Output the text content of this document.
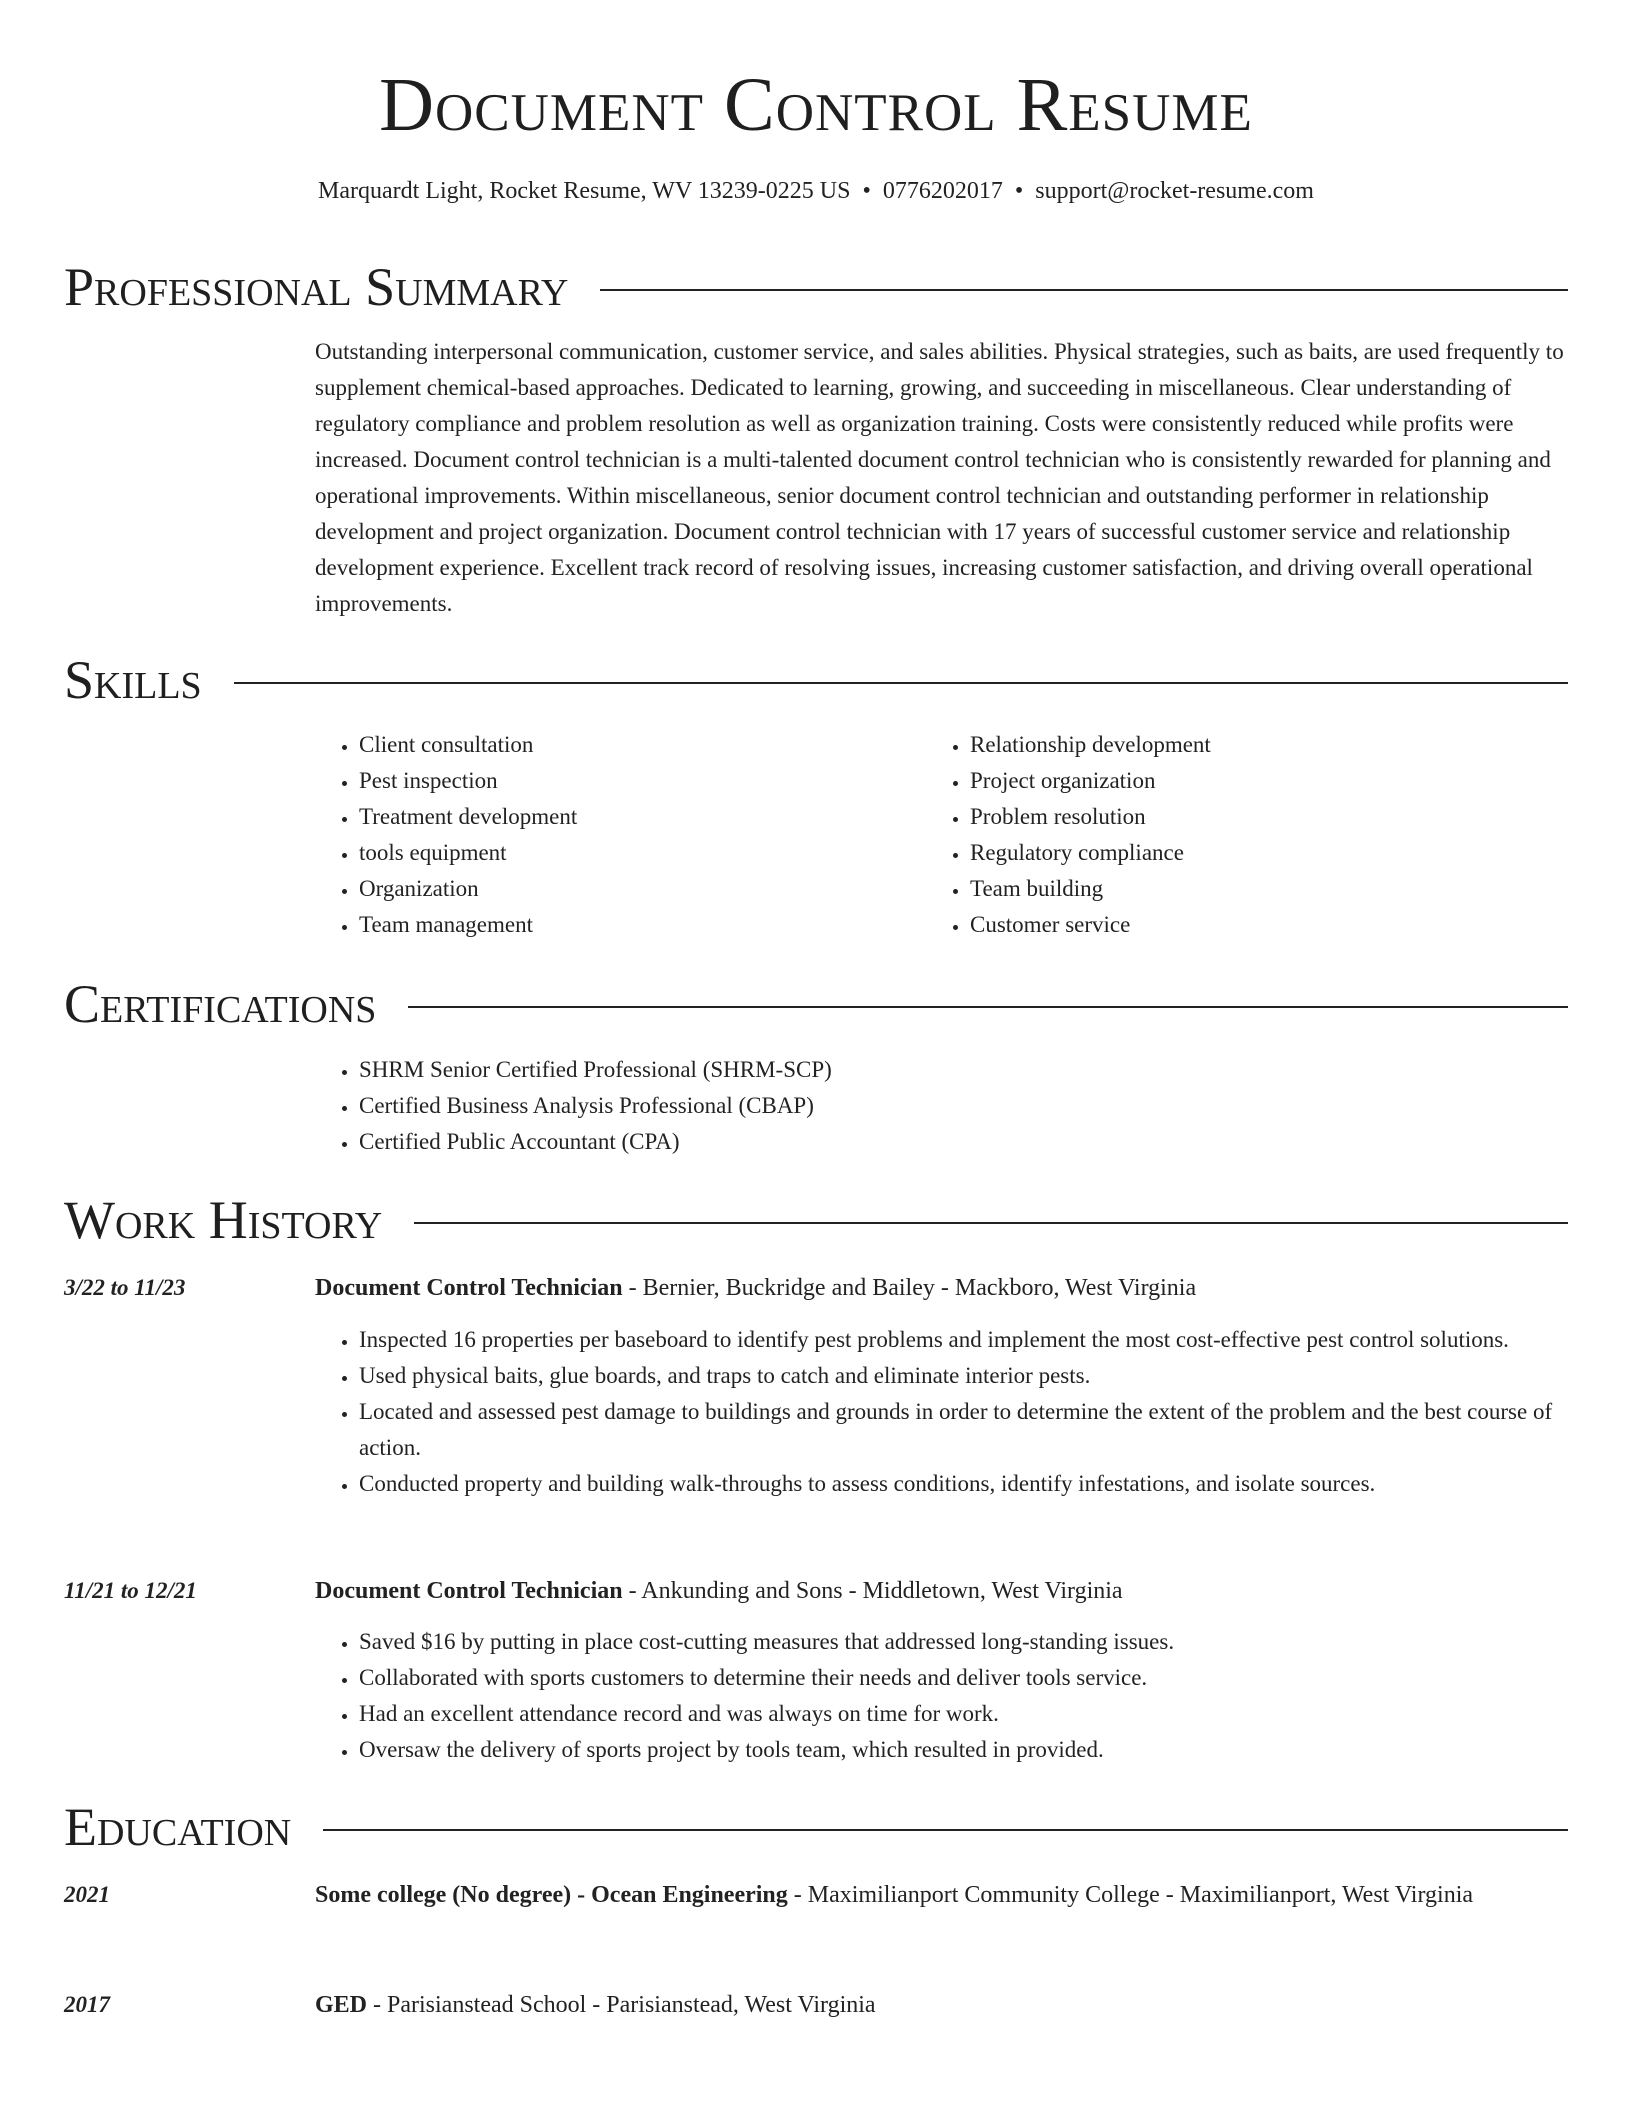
Document Control Resume
Marquardt Light, Rocket Resume, WV 13239-0225 US • 0776202017 • support@rocket-resume.com
Professional Summary
Outstanding interpersonal communication, customer service, and sales abilities. Physical strategies, such as baits, are used frequently to supplement chemical-based approaches. Dedicated to learning, growing, and succeeding in miscellaneous. Clear understanding of regulatory compliance and problem resolution as well as organization training. Costs were consistently reduced while profits were increased. Document control technician is a multi-talented document control technician who is consistently rewarded for planning and operational improvements. Within miscellaneous, senior document control technician and outstanding performer in relationship development and project organization. Document control technician with 17 years of successful customer service and relationship development experience. Excellent track record of resolving issues, increasing customer satisfaction, and driving overall operational improvements.
Skills
• Client consultation
• Pest inspection
• Treatment development
• tools equipment
• Organization
• Team management
• Relationship development
• Project organization
• Problem resolution
• Regulatory compliance
• Team building
• Customer service
Certifications
• SHRM Senior Certified Professional (SHRM-SCP)
• Certified Business Analysis Professional (CBAP)
• Certified Public Accountant (CPA)
Work History
3/22 to 11/23	Document Control Technician - Bernier, Buckridge and Bailey - Mackboro, West Virginia
• Inspected 16 properties per baseboard to identify pest problems and implement the most cost-effective pest control solutions.
• Used physical baits, glue boards, and traps to catch and eliminate interior pests.
• Located and assessed pest damage to buildings and grounds in order to determine the extent of the problem and the best course of action.
• Conducted property and building walk-throughs to assess conditions, identify infestations, and isolate sources.
11/21 to 12/21	Document Control Technician - Ankunding and Sons - Middletown, West Virginia
• Saved $16 by putting in place cost-cutting measures that addressed long-standing issues.
• Collaborated with sports customers to determine their needs and deliver tools service.
• Had an excellent attendance record and was always on time for work.
• Oversaw the delivery of sports project by tools team, which resulted in provided.
Education
2021	Some college (No degree) - Ocean Engineering - Maximilianport Community College - Maximilianport, West Virginia
2017	GED - Parisianstead School - Parisianstead, West Virginia
